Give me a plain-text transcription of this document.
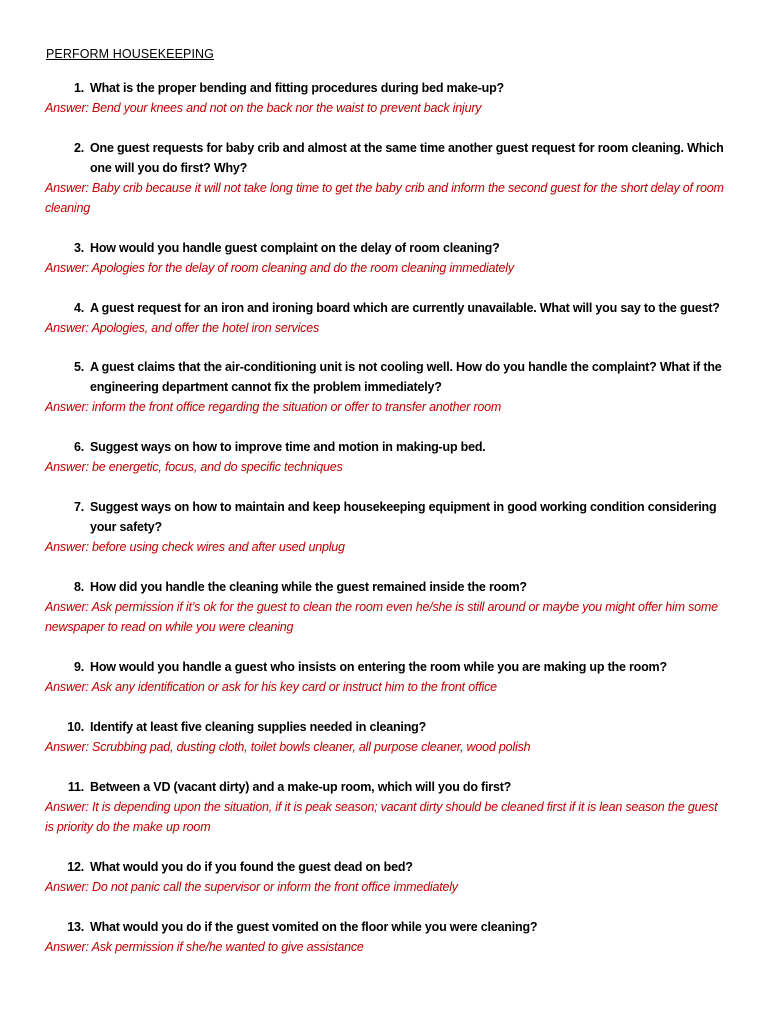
PERFORM HOUSEKEEPING
1. What is the proper bending and fitting procedures during bed make-up?
Answer: Bend your knees and not on the back nor the waist to prevent back injury
2. One guest requests for baby crib and almost at the same time another guest request for room cleaning. Which one will you do first? Why?
Answer: Baby crib because it will not take long time to get the baby crib and inform the second guest for the short delay of room cleaning
3. How would you handle guest complaint on the delay of room cleaning?
Answer: Apologies for the delay of room cleaning and do the room cleaning immediately
4. A guest request for an iron and ironing board which are currently unavailable. What will you say to the guest?
Answer: Apologies, and offer the hotel iron services
5. A guest claims that the air-conditioning unit is not cooling well. How do you handle the complaint? What if the engineering department cannot fix the problem immediately?
Answer: inform the front office regarding the situation or offer to transfer another room
6. Suggest ways on how to improve time and motion in making-up bed.
Answer: be energetic, focus, and do specific techniques
7. Suggest ways on how to maintain and keep housekeeping equipment in good working condition considering your safety?
Answer: before using check wires and after used unplug
8. How did you handle the cleaning while the guest remained inside the room?
Answer: Ask permission if it’s ok for the guest to clean the room even he/she is still around or maybe you might offer him some newspaper to read on while you were cleaning
9. How would you handle a guest who insists on entering the room while you are making up the room?
Answer: Ask any identification or ask for his key card or instruct him to the front office
10. Identify at least five cleaning supplies needed in cleaning?
Answer: Scrubbing pad, dusting cloth, toilet bowls cleaner, all purpose cleaner, wood polish
11. Between a VD (vacant dirty) and a make-up room, which will you do first?
Answer: It is depending upon the situation, if it is peak season; vacant dirty should be cleaned first if it is lean season the guest is priority do the make up room
12. What would you do if you found the guest dead on bed?
Answer: Do not panic call the supervisor or inform the front office immediately
13. What would you do if the guest vomited on the floor while you were cleaning?
Answer: Ask permission if she/he wanted to give assistance
